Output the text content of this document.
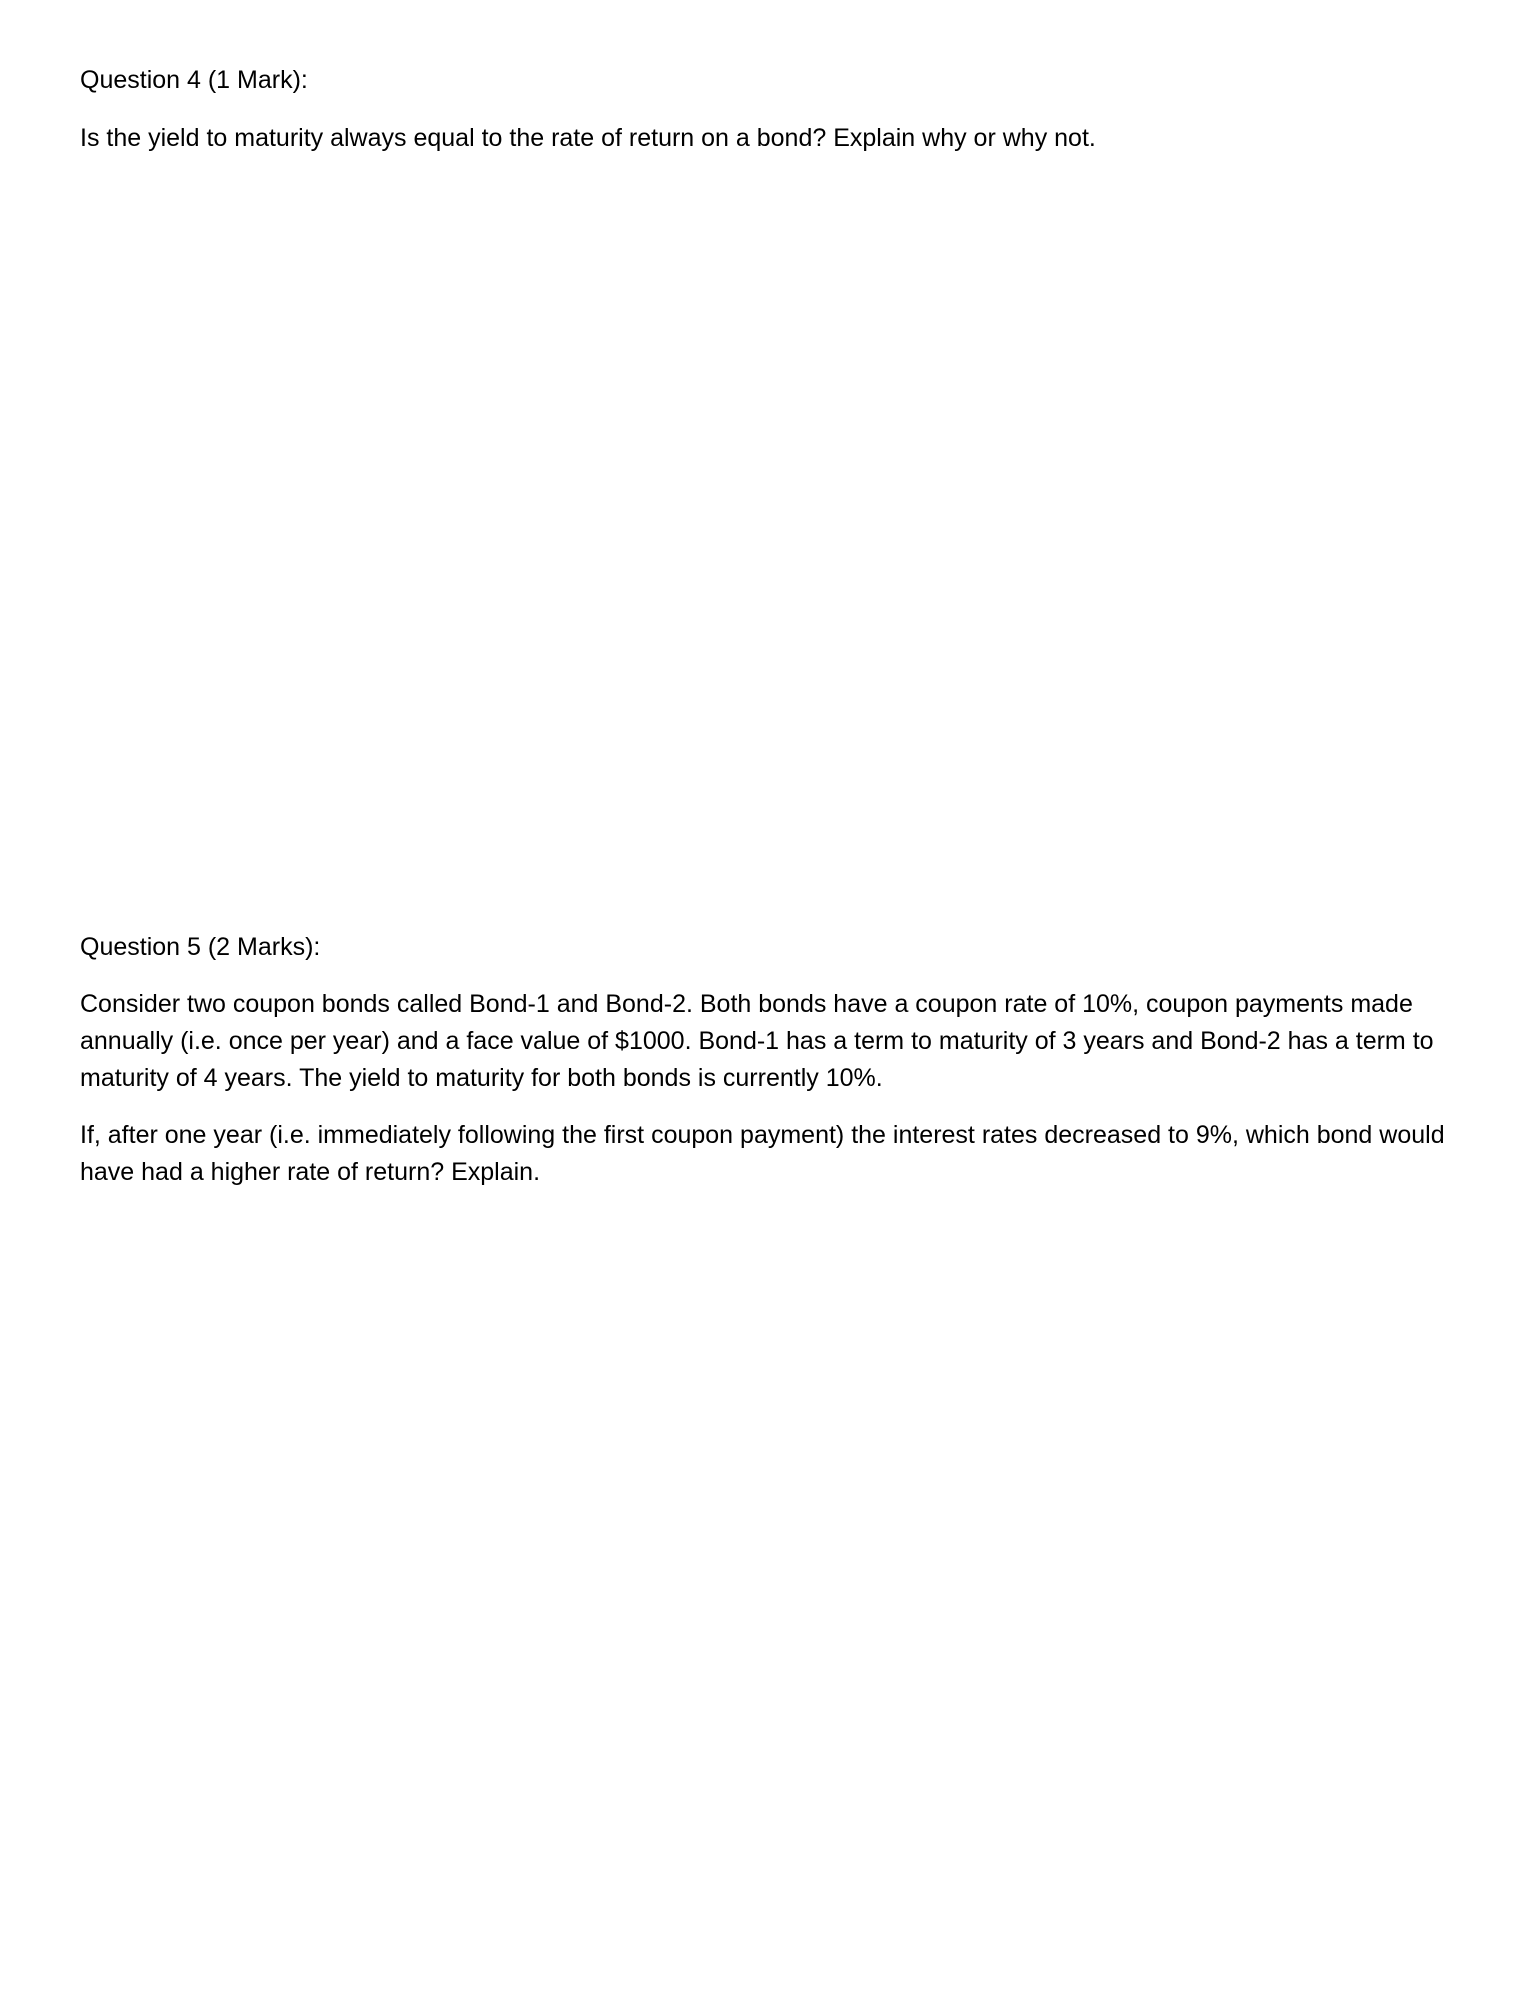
Question 4 (1 Mark):

Is the yield to maturity always equal to the rate of return on a bond? Explain why or why not.

Question 5 (2 Marks):

Consider two coupon bonds called Bond-1 and Bond-2. Both bonds have a coupon rate of 10%, coupon payments made annually (i.e. once per year) and a face value of $1000. Bond-1 has a term to maturity of 3 years and Bond-2 has a term to maturity of 4 years. The yield to maturity for both bonds is currently 10%.

If, after one year (i.e. immediately following the first coupon payment) the interest rates decreased to 9%, which bond would have had a higher rate of return? Explain.
